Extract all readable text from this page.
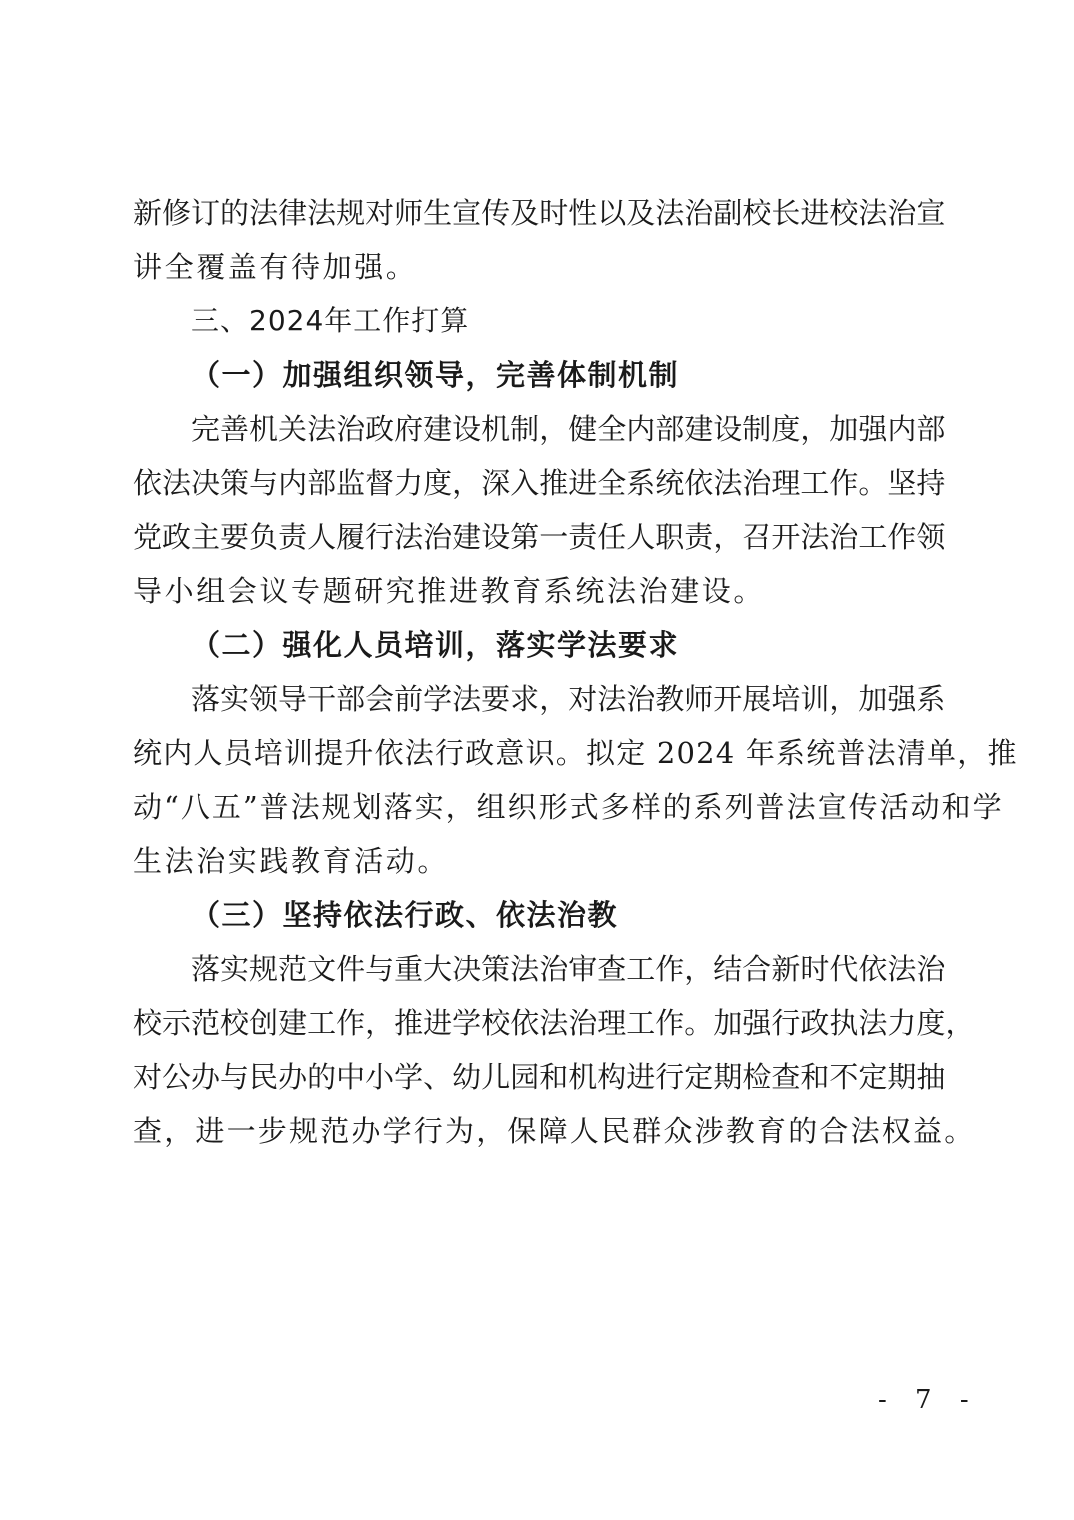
新 修 订 的 法 律 法 规 对 师 生 宣 传 及 时 性 以 及 法 治 副 校 长 进 校 法 治 宣
讲全覆盖有待加强。
三、2024年工作打算
（一）加强组织领导，完善体制机制
完 善 机 关 法 治 政 府 建 设 机 制 ， 健 全 内 部 建 设 制 度 ， 加 强 内 部
依 法 决 策 与 内 部 监 督 力 度 ， 深 入 推 进 全 系 统 依 法 治 理 工 作 。 坚 持
党 政 主 要 负 责 人 履 行 法 治 建 设 第 一 责 任 人 职 责 ， 召 开 法 治 工 作 领
导小组会议专题研究推进教育系统法治建设。
（二）强化人员培训，落实学法要求
落 实 领 导 干 部 会 前 学 法 要 求 ， 对 法 治 教 师 开 展 培 训 ， 加 强 系
统内人员培训提升依法行政意识。拟定 2024 年系统普法清单，推
动“八五”普法规划落实，组织形式多样的系列普法宣传活动和学
生法治实践教育活动。
（三）坚持依法行政、依法治教
落 实 规 范 文 件 与 重 大 决 策 法 治 审 查 工 作 ， 结 合 新 时 代 依 法 治
校 示 范 校 创 建 工 作 ， 推 进 学 校 依 法 治 理 工 作 。 加 强 行 政 执 法 力 度 ，
对 公 办 与 民 办 的 中 小 学 、 幼 儿 园 和 机 构 进 行 定 期 检 查 和 不 定 期 抽
查，进一步规范办学行为，保障人民群众涉教育的合法权益。
- 7 -
